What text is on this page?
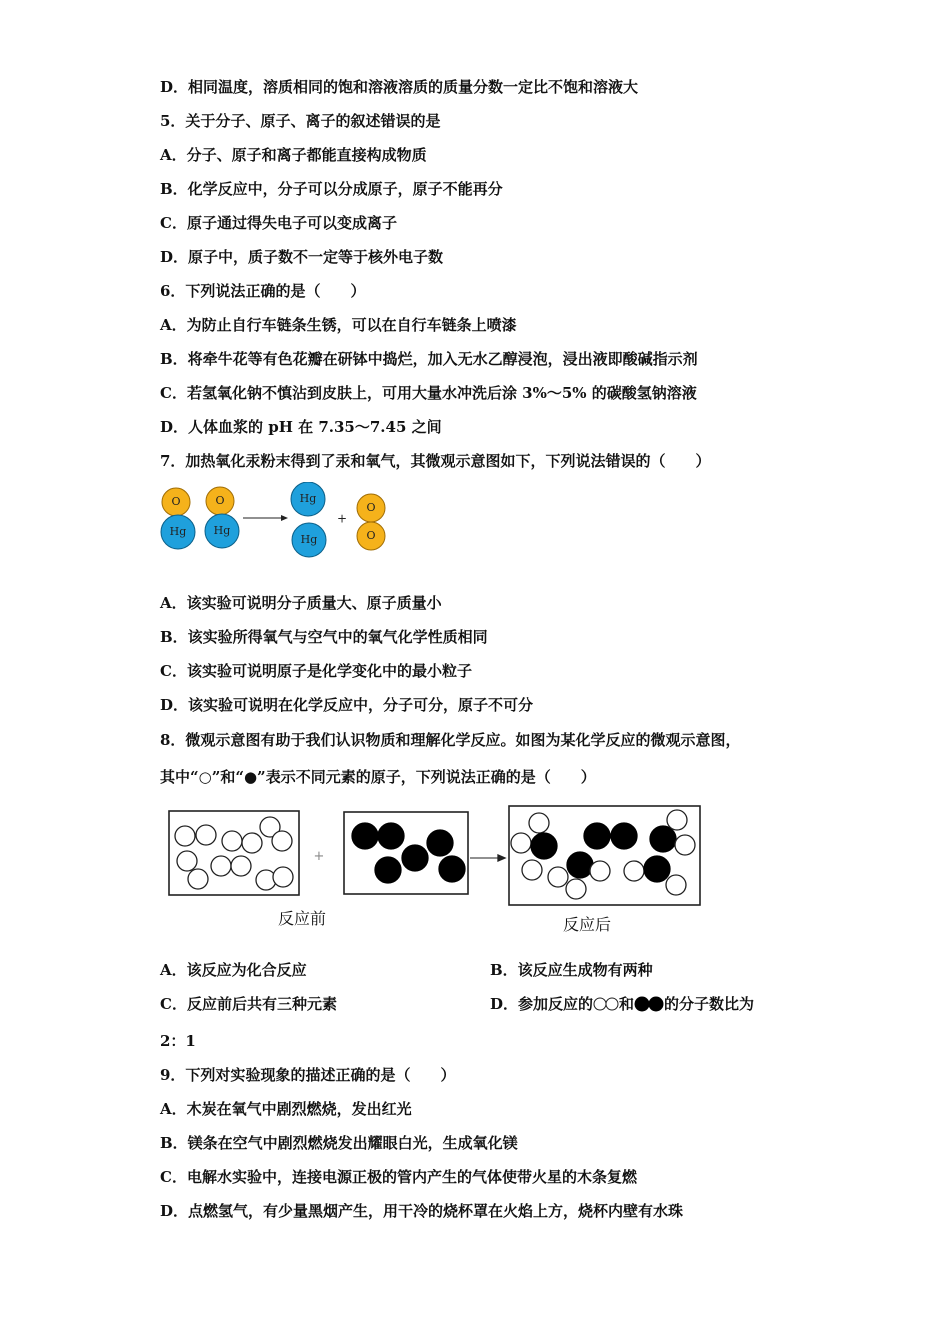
D．相同温度，溶质相同的饱和溶液溶质的质量分数一定比不饱和溶液大
5．关于分子、原子、离子的叙述错误的是
A．分子、原子和离子都能直接构成物质
B．化学反应中，分子可以分成原子，原子不能再分
C．原子通过得失电子可以变成离子
D．原子中，质子数不一定等于核外电子数
6．下列说法正确的是（　　）
A．为防止自行车链条生锈，可以在自行车链条上喷漆
B．将牵牛花等有色花瓣在研钵中捣烂，加入无水乙醇浸泡，浸出液即酸碱指示剂
C．若氢氧化钠不慎沾到皮肤上，可用大量水冲洗后涂 3%～5% 的碳酸氢钠溶液
D．人体血浆的 pH 在 7.35～7.45 之间
7．加热氧化汞粉末得到了汞和氧气，其微观示意图如下，下列说法错误的（　　）
O
Hg
O
Hg
Hg
Hg
+
O
O
A．该实验可说明分子质量大、原子质量小
B．该实验所得氧气与空气中的氧气化学性质相同
C．该实验可说明原子是化学变化中的最小粒子
D．该实验可说明在化学反应中，分子可分，原子不可分
8．微观示意图有助于我们认识物质和理解化学反应。如图为某化学反应的微观示意图，
其中“○”和“●”表示不同元素的原子，下列说法正确的是（　　）
+
反应前	反应后
A．该反应为化合反应	B．该反应生成物有两种
C．反应前后共有三种元素	D．参加反应的 和 的分子数比为
2：1
9．下列对实验现象的描述正确的是（　　）
A．木炭在氧气中剧烈燃烧，发出红光
B．镁条在空气中剧烈燃烧发出耀眼白光，生成氧化镁
C．电解水实验中，连接电源正极的管内产生的气体使带火星的木条复燃
D．点燃氢气，有少量黑烟产生，用干冷的烧杯罩在火焰上方，烧杯内壁有水珠
